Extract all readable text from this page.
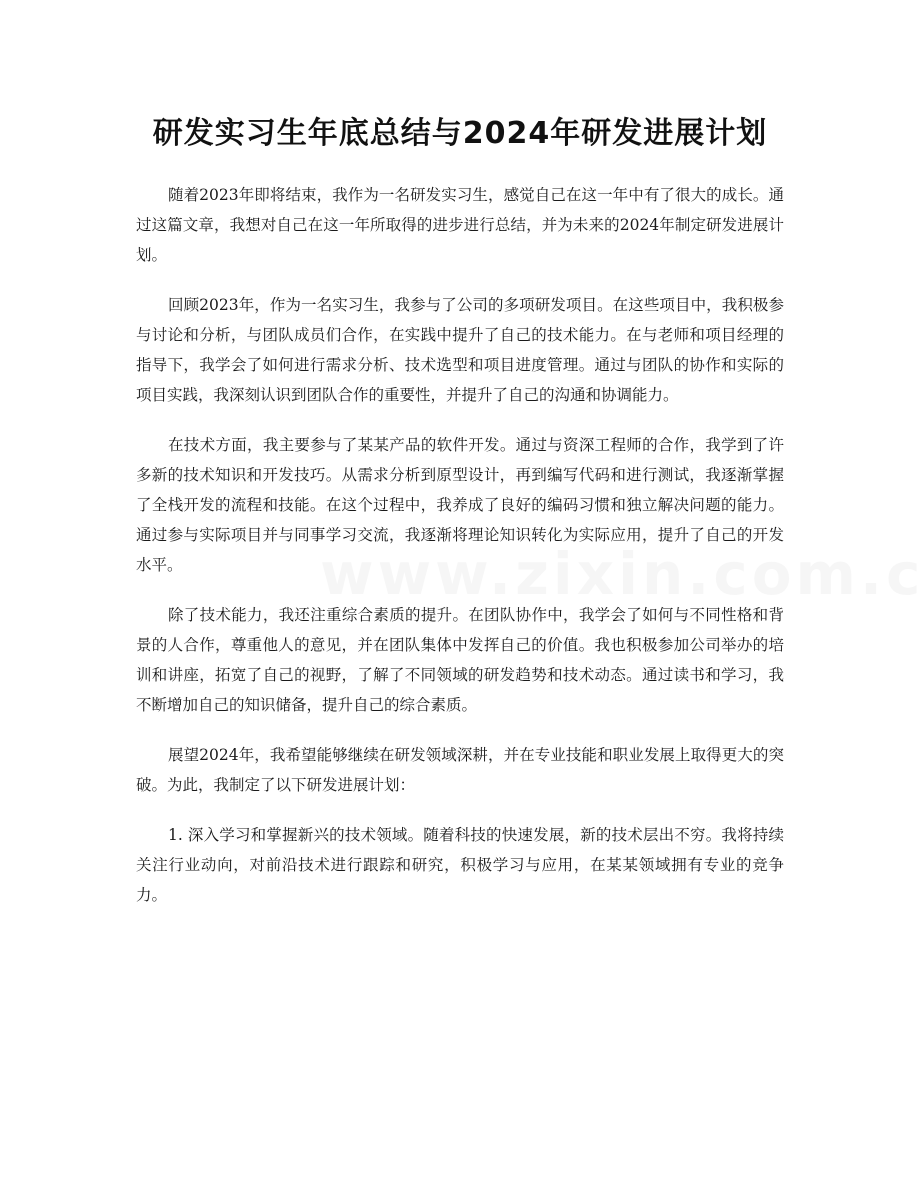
研发实习生年底总结与2024年研发进展计划

随着2023年即将结束，我作为一名研发实习生，感觉自己在这一年中有了很大的成长。通过这篇文章，我想对自己在这一年所取得的进步进行总结，并为未来的2024年制定研发进展计划。

回顾2023年，作为一名实习生，我参与了公司的多项研发项目。在这些项目中，我积极参与讨论和分析，与团队成员们合作，在实践中提升了自己的技术能力。在与老师和项目经理的指导下，我学会了如何进行需求分析、技术选型和项目进度管理。通过与团队的协作和实际的项目实践，我深刻认识到团队合作的重要性，并提升了自己的沟通和协调能力。

在技术方面，我主要参与了某某产品的软件开发。通过与资深工程师的合作，我学到了许多新的技术知识和开发技巧。从需求分析到原型设计，再到编写代码和进行测试，我逐渐掌握了全栈开发的流程和技能。在这个过程中，我养成了良好的编码习惯和独立解决问题的能力。通过参与实际项目并与同事学习交流，我逐渐将理论知识转化为实际应用，提升了自己的开发水平。

除了技术能力，我还注重综合素质的提升。在团队协作中，我学会了如何与不同性格和背景的人合作，尊重他人的意见，并在团队集体中发挥自己的价值。我也积极参加公司举办的培训和讲座，拓宽了自己的视野，了解了不同领域的研发趋势和技术动态。通过读书和学习，我不断增加自己的知识储备，提升自己的综合素质。

展望2024年，我希望能够继续在研发领域深耕，并在专业技能和职业发展上取得更大的突破。为此，我制定了以下研发进展计划：

1. 深入学习和掌握新兴的技术领域。随着科技的快速发展，新的技术层出不穷。我将持续关注行业动向，对前沿技术进行跟踪和研究，积极学习与应用，在某某领域拥有专业的竞争力。
